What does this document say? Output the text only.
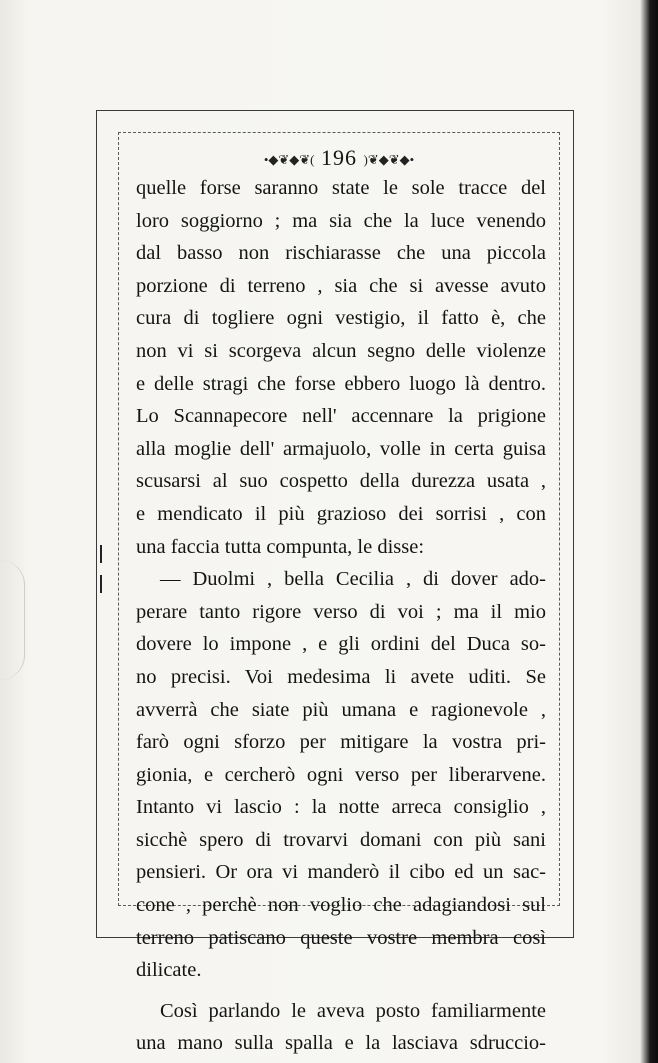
•◆❦◆❦( 196 )❦◆❦◆•
quelle forse saranno state le sole tracce del
loro soggiorno ; ma sia che la luce venendo
dal basso non rischiarasse che una piccola
porzione di terreno , sia che si avesse avuto
cura di togliere ogni vestigio, il fatto è, che
non vi si scorgeva alcun segno delle violenze
e delle stragi che forse ebbero luogo là dentro.
Lo Scannapecore nell' accennare la prigione
alla moglie dell' armajuolo, volle in certa guisa
scusarsi al suo cospetto della durezza usata ,
e mendicato il più grazioso dei sorrisi , con
una faccia tutta compunta, le disse:
— Duolmi , bella Cecilia , di dover ado-
perare tanto rigore verso di voi ; ma il mio
dovere lo impone , e gli ordini del Duca so-
no precisi. Voi medesima li avete uditi. Se
avverrà che siate più umana e ragionevole ,
farò ogni sforzo per mitigare la vostra pri-
gionia, e cercherò ogni verso per liberarvene.
Intanto vi lascio : la notte arreca consiglio ,
sicchè spero di trovarvi domani con più sani
pensieri. Or ora vi manderò il cibo ed un sac-
cone , perchè non voglio che adagiandosi sul
terreno patiscano queste vostre membra così
dilicate.
Così parlando le aveva posto familiarmente
una mano sulla spalla e la lasciava sdruccio-
